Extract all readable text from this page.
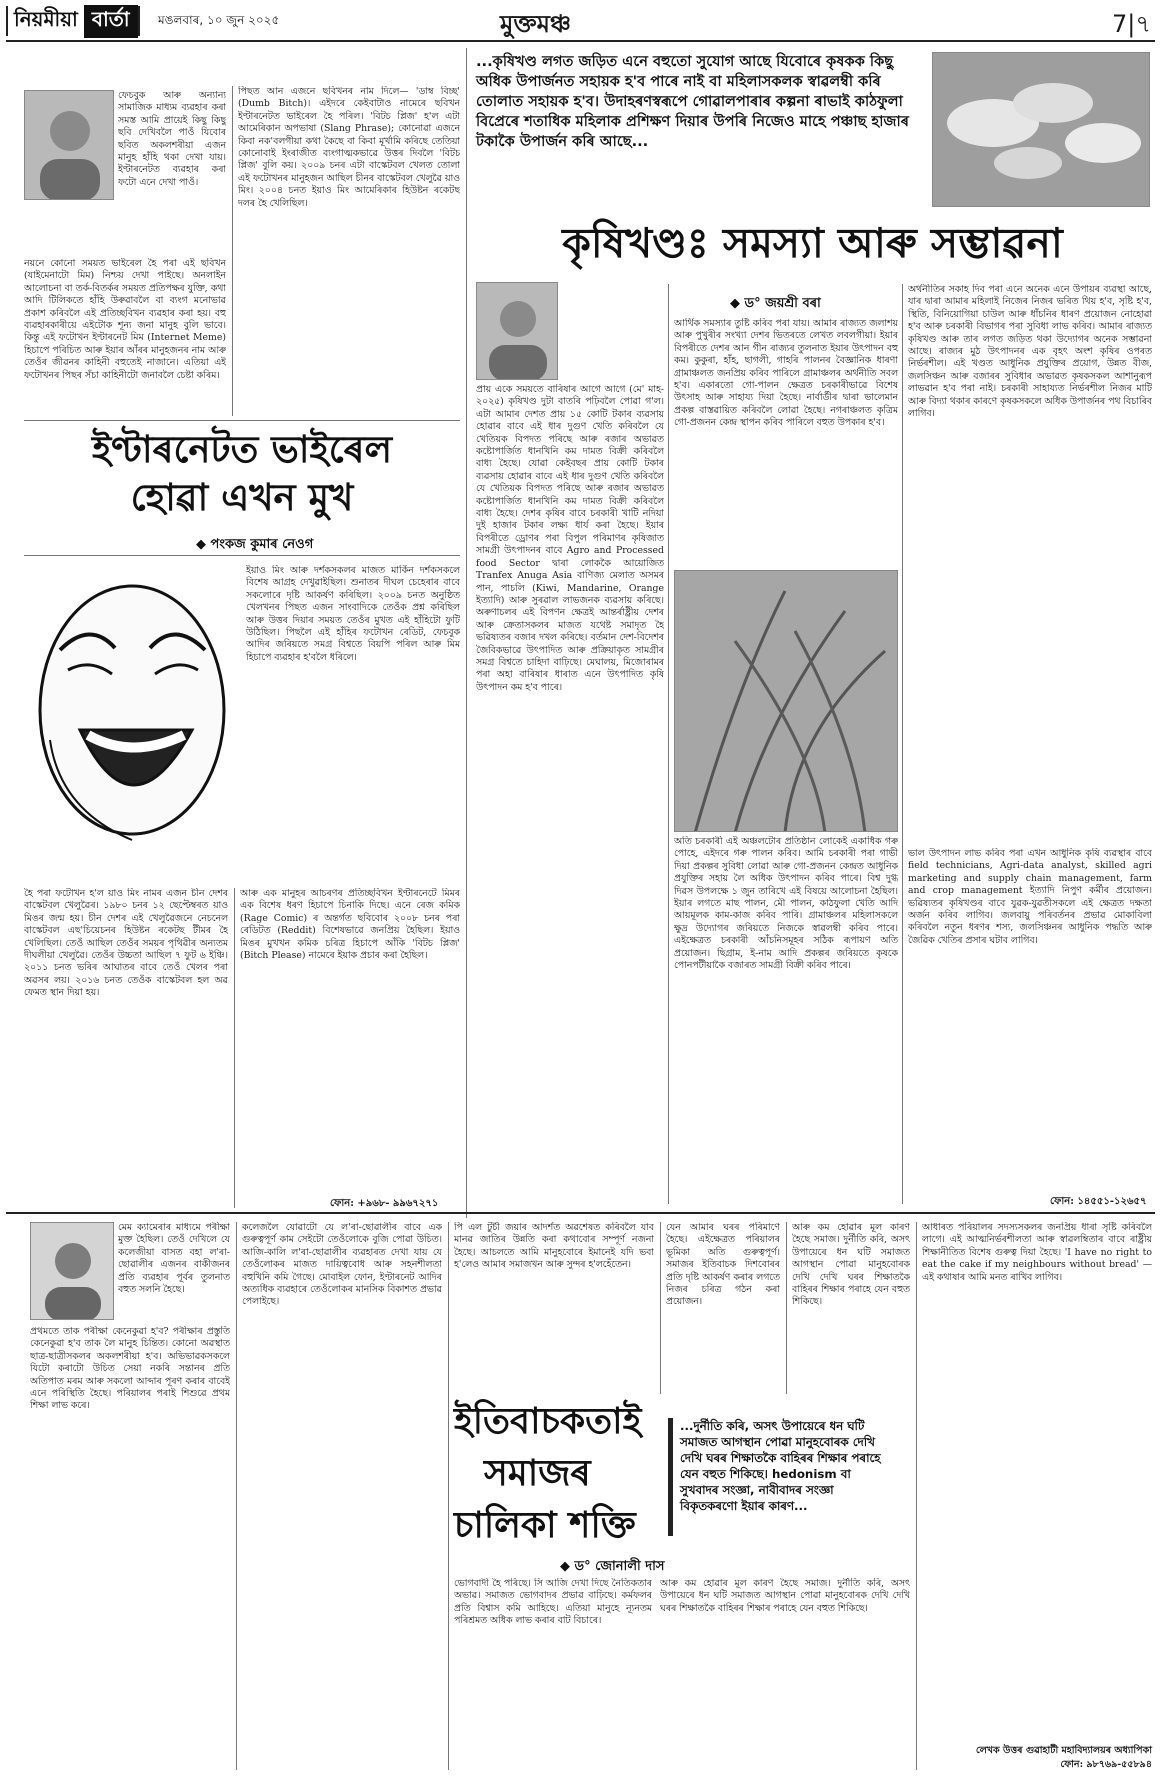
নিয়মীয়া বাৰ্তা	মঙলবাৰ, ১০ জুন ২০২৫	মুক্তমঞ্চ	7|৭
ফেচবুক আৰু অন্যান্য সামাজিক মাধ্যম ব্যৱহাৰ কৰা সমস্ত আমি প্ৰায়েই কিছু কিছু ছবি দেখিবলৈ পাওঁ যিবোৰ ছবিত অকলশৰীয়া এজন মানুহ হাঁহি থকা দেখা যায়। ইণ্টাৰনেটত ব্যৱহাৰ কৰা ফটো এনে দেখা পাওঁ।
নয়নে কোনো সময়ত ভাইৰেল হৈ পৰা এই ছবিখন (যাইমেনাটো মিম) নিশ্চয় দেখা পাইছে। অনলাইন আলোচনা বা তৰ্ক-বিতৰ্কৰ সময়ত প্ৰতিপক্ষৰ যুক্তি, কথা আদি টিলিকতে হাঁহি উৰুৱাবলৈ বা ব্যংগ মনোভাৱ প্ৰকাশ কৰিবলৈ এই প্ৰতিচ্ছবিখন ব্যৱহাৰ কৰা হয়। বহু ব্যৱহাৰকাৰীয়ে এইটোক শূন্য জনা মানুহ বুলি ভাবে। কিন্তু এই ফটোখন ইণ্টাৰনেট মিম (Internet Meme) হিচাপে পৰিচিত আৰু ইয়াৰ আঁৰৰ মানুহজনৰ নাম আৰু তেওঁৰ জীৱনৰ কাহিনী বহুতেই নাজানে। এতিয়া এই ফটোখনৰ পিছৰ সঁচা কাহিনীটো জনাবলৈ চেষ্টা কৰিম।
পিছত আন এজনে ছবিখনৰ নাম দিলে— 'ডাম্ব বিচ্ছ' (Dumb Bitch)। এইদৰে কেইবাটাও নামেৰে ছবিখন ইণ্টাৰনেটত ভাইৰেল হৈ পৰিল। 'বিটচ প্লিজ' হ'ল এটা আমেৰিকান অপভাষা (Slang Phrase); কোনোৱা এজনে কিবা নক'বলগীয়া কথা কৈছে বা কিবা মূৰ্খামি কৰিছে তেতিয়া কোনোবাই ইংৰাজীত ব্যংগাত্মকভাৱে উত্তৰ দিবলৈ 'বিটচ প্লিজ' বুলি কয়। ২০০৯ চনৰ এটা বাস্কেটবল খেলত তোলা এই ফটোখনৰ মানুহজন আছিল চীনৰ বাস্কেটবল খেলুৱৈ য়াও মিং। ২০০৪ চনত ইয়াও মিং আমেৰিকাৰ হিউষ্টন ৰকেটছ দলৰ হৈ খেলিছিল।
ইণ্টাৰনেটত ভাইৰেল
হোৱা এখন মুখ
◆ পংকজ কুমাৰ নেওগ
ইয়াও মিং আৰু দৰ্শকসকলৰ মাজত মাৰ্কিন দৰ্শকসকলে বিশেষ আগ্ৰহ দেখুৱাইছিল। শুনাতৰ দীঘল চেহেৰাৰ বাবে সকলোৰে দৃষ্টি আকৰ্ষণ কৰিছিল। ২০০৯ চনত অনুষ্ঠিত খেলখনৰ পিছত এজন সাংবাদিকে তেওঁক প্ৰশ্ন কৰিছিল আৰু উত্তৰ দিয়াৰ সময়ত তেওঁৰ মুখত এই হাঁহিটো ফুটি উঠিছিল। পিছলৈ এই হাঁহিৰ ফটোখন ৰেডিট, ফেচবুক আদিৰ জৰিয়তে সমগ্ৰ বিশ্বতে বিয়পি পৰিল আৰু মিম হিচাপে ব্যৱহাৰ হ'বলৈ ধৰিলে।
হৈ পৰা ফটোখন হ'ল য়াও মিং নামৰ এজন চীন দেশৰ বাস্কেটবল খেলুৱৈৰ। ১৯৮০ চনৰ ১২ ছেপ্টেম্বৰত য়াও মিঙৰ জন্ম হয়। চীন দেশৰ এই খেলুৱৈজনে নেচনেল বাস্কেটবল এছ'চিয়েচনৰ হিউষ্টন ৰকেটছ টীমৰ হৈ খেলিছিল। তেওঁ আছিল তেওঁৰ সময়ৰ পৃথিৱীৰ অন্যতম দীঘলীয়া খেলুৱৈ। তেওঁৰ উচ্চতা আছিল ৭ ফুট ৬ ইঞ্চি। ২০১১ চনত ভৰিৰ আঘাতৰ বাবে তেওঁ খেলৰ পৰা অৱসৰ লয়। ২০১৬ চনত তেওঁক বাস্কেটবল হল অৱ ফেমত স্থান দিয়া হয়।
আৰু এক মানুহৰ আচৰণৰ প্ৰতিচ্ছবিখন ইণ্টাৰনেটে মিমৰ এক বিশেষ ধৰণ হিচাপে চিনাকি দিছে। এনে ৰেজ কমিক (Rage Comic) ৰ অন্তৰ্গত ছবিবোৰ ২০০৮ চনৰ পৰা ৰেডিটত (Reddit) বিশেষভাৱে জনপ্ৰিয় হৈছিল। ইয়াও মিঙৰ মুখখন কমিক চৰিত্ৰ হিচাপে আঁকি 'বিটচ প্লিজ' (Bitch Please) নামেৰে ইয়াক প্ৰচাৰ কৰা হৈছিল।
ফোন: +৯৬৮- ৯৯৬৭২৭১
...কৃষিখণ্ড লগত জড়িত এনে বহুতো সুযোগ আছে যিবোৰে কৃষকক কিছু অধিক উপাৰ্জনত সহায়ক হ'ব পাৰে নাই বা মহিলাসকলক স্বাৱলম্বী কৰি তোলাত সহায়ক হ'ব। উদাহৰণস্বৰূপে গোৱালপাৰাৰ কল্পনা ৰাভাই কাঠফুলা বিপ্ৰেৰে শতাধিক মহিলাক প্ৰশিক্ষণ দিয়াৰ উপৰি নিজেও মাহে পঞ্চাছ হাজাৰ টকাকৈ উপাৰ্জন কৰি আছে...
কৃষিখণ্ডঃ সমস্যা আৰু সম্ভাৱনা
প্ৰায় একে সময়তে বাৰিষাৰ আগে আগে (মে' মাহ- ২০২৫) কৃষিখণ্ড দুটা বাতৰি পঢ়িবলৈ পোৱা গ'ল। এটা আমাৰ দেশত প্ৰায় ১৫ কোটি টকাৰ ব্যৱসায় হোৱাৰ বাবে এই ধাৰ দুগুণ খেতি কৰিবলৈ যে খেতিয়ক বিপদত পৰিছে আৰু ৰজাৰ অভাৱত কষ্টোপাৰ্জিত ধানখিনি কম দামত বিক্ৰী কৰিবলৈ বাধ্য হৈছে। যোৱা কেইবছৰ প্ৰায় কোটি টকাৰ ব্যৱসায় হোৱাৰ বাবে এই ধাৰ দুগুণ খেতি কৰিবলৈ যে খেতিয়ক বিপদত পৰিছে আৰু ৰজাৰ অভাৱত কষ্টোপাৰ্জিত ধানখিনি কম দামত বিক্ৰী কৰিবলৈ বাধ্য হৈছে। দেশৰ কৃষিৰ বাবে চৰকাৰী খাটি নদিয়া দুই হাজাৰ টকাৰ লক্ষ্য ধাৰ্য কৰা হৈছে। ইয়াৰ বিপৰীতে ড্ৰোণৰ পৰা বিপুল পৰিমাণৰ কৃষিজাত সামগ্ৰী উৎপাদনৰ বাবে Agro and Processed food Sector দ্বাৰা লোককৈ আয়োজিত Tranfex Anuga Asia বাণিজ্য মেলাত অসমৰ পান, পাচলি (Kiwi, Mandarine, Orange ইত্যাদি) আৰু সুৰৱাল লাভজনক ব্যৱসায় কৰিছে। অৰুণাচলৰ এই বিপণন ক্ষেত্ৰই আন্তৰ্ৰাষ্ট্ৰীয় দেশৰ আৰু ক্ৰেতাসকলৰ মাজত যথেষ্ট সমাদৃত হৈ ভৱিষ্যতৰ বজাৰ দখল কৰিছে। বৰ্তমান দেশ-বিদেশৰ জৈবিকভাৱে উৎপাদিত আৰু প্ৰক্ৰিয়াকৃত সামগ্ৰীৰ সমগ্ৰ বিশ্বতে চাহিদা বাঢ়িছে। মেঘালয়, মিজোৰামৰ পৰা অহা বাৰিষাৰ ধাৰাত এনে উৎপাদিত কৃষি উৎপাদন কম হ'ব পাৰে।
◆ ড° জয়শ্ৰী বৰা
আৰ্থিক সমস্যাৰ তুষ্টি কৰিব পৰা যায়। আমাৰ ৰাজ্যত জলাশয় আৰু পুখুৰীৰ সংখ্যা দেশৰ ভিতৰতে লেখত লবলগীয়া। ইয়াৰ বিপৰীতে দেশৰ আন গীন ৰাজ্যৰ তুলনাত ইয়াৰ উৎপাদন বহু কম। কুকুৰা, হাঁহ, ছাগলী, গাহৰি পালনৰ বৈজ্ঞানিক ধাৰণা গ্ৰামাঞ্চলত জনপ্ৰিয় কৰিব পাৰিলে গ্ৰামাঞ্চলৰ অৰ্থনীতি সবল হ'ব। একাৰতো গো-পালন ক্ষেত্ৰত চৰকাৰীভাৱে বিশেষ উৎসাহ আৰু সাহায্য দিয়া হৈছে। নাৰ্বাৰ্ডীৰ দ্বাৰা ভালেমান প্ৰকল্প বাস্তৱায়িত কৰিবলৈ লোৱা হৈছে। নগৰাঞ্চলত কৃত্ৰিম গো-প্ৰজনন কেন্দ্ৰ স্থাপন কৰিব পাৰিলে বহুত উপকাৰ হ'ব।
অতি চৰকাৰী এই অঞ্চলটোৰ প্ৰতিষ্ঠান লোকেই একাধিক গৰু পোহে, এইদৰে গৰু পালন কৰিব। আমি চৰকাৰী পৰা গাভী দিয়া প্ৰকল্পৰ সুবিধা লোৱা আৰু গো-প্ৰজনন কেন্দ্ৰত আধুনিক প্ৰযুক্তিৰ সহায় লৈ অধিক উৎপাদন কৰিব পাৰে। বিশ্ব দুগ্ধ দিৱস উপলক্ষে ১ জুন তাৰিখে এই বিষয়ে আলোচনা হৈছিল। ইয়াৰ লগতে মাছ পালন, মৌ পালন, কাঠফুলা খেতি আদি আয়মূলক কাম-কাজ কৰিব পাৰি। গ্ৰামাঞ্চলৰ মহিলাসকলে ক্ষুদ্ৰ উদ্যোগৰ জৰিয়তে নিজকে স্বাৱলম্বী কৰিব পাৰে। এইক্ষেত্ৰত চৰকাৰী আঁচনিসমূহৰ সঠিক ৰূপায়ণ অতি প্ৰয়োজন। ছিগ্ৰাম, ই-নাম আদি প্ৰকল্পৰ জৰিয়তে কৃষকে পোনপটীয়াকৈ বজাৰত সামগ্ৰী বিক্ৰী কৰিব পাৰে।
অৰ্থনীতিৰ সকাহ দিব পৰা এনে অনেক এনে উপায়ৰ ব্যৱস্থা আছে, যাৰ দ্বাৰা আমাৰ মহিলাই নিজেৰ নিজৰ ভৰিত থিয় হ'ব, সৃষ্টি হ'ব, স্থিতি, বিনিয়োগিয়া চাউল আৰু ধাঁচনিৰ ধাৰণ প্ৰয়োজন নোহোৱা হ'ব আৰু চৰকাৰী বিভাগৰ পৰা সুবিধা লাভ কৰিব। আমাৰ ৰাজ্যত কৃষিখণ্ড আৰু তাৰ লগত জড়িত থকা উদ্যোগৰ অনেক সম্ভাৱনা আছে। ৰাজ্যৰ মুঠ উৎপাদনৰ এক বৃহৎ অংশ কৃষিৰ ওপৰত নিৰ্ভৰশীল। এই খণ্ডত আধুনিক প্ৰযুক্তিৰ প্ৰয়োগ, উন্নত বীজ, জলসিঞ্চন আৰু বজাৰৰ সুবিধাৰ অভাৱত কৃষকসকল আশানুৰূপ লাভৱান হ'ব পৰা নাই। চৰকাৰী সাহায্যত নিৰ্ভৰশীল নিজৰ মাটি আৰু বিদ্যা থকাৰ কাৰণে কৃষকসকলে অধিক উপাৰ্জনৰ পথ বিচাৰিব লাগিব।
ভাল উৎপাদন লাভ কৰিব পৰা এখন আধুনিক কৃষি ব্যৱস্থাৰ বাবে field technicians, Agri-data analyst, skilled agri marketing and supply chain management, farm and crop management ইত্যাদি নিপুণ কৰ্মীৰ প্ৰয়োজন। ভৱিষ্যতৰ কৃষিখণ্ডৰ বাবে যুৱক-যুৱতীসকলে এই ক্ষেত্ৰত দক্ষতা অৰ্জন কৰিব লাগিব। জলবায়ু পৰিবৰ্তনৰ প্ৰভাৱ মোকাবিলা কৰিবলৈ নতুন ধৰণৰ শস্য, জলসিঞ্চনৰ আধুনিক পদ্ধতি আৰু জৈৱিক খেতিৰ প্ৰসাৰ ঘটাব লাগিব।
ফোন: ১৪৫৫১-১২৬৫৭
মেম ক্যামেৰাৰ মাধ্যমে পৰীক্ষা মুক্ত হৈছিল। তেওঁ দেখিলে যে কলেজীয়া বাসত বহা ল'ৰা-ছোৱালীৰ এজনৰ বাকীজনৰ প্ৰতি ব্যৱহাৰ পূৰ্বৰ তুলনাত বহুত সলনি হৈছে।
প্ৰথমতে তাক পৰীক্ষা কেনেকুৱা হ'ব? পৰীক্ষাৰ প্ৰস্তুতি কেনেকুৱা হ'ব তাক লৈ মানুহ চিন্তিত। কোনো অৱস্থাত ছাত্ৰ-ছাত্ৰীসকলৰ অকলশৰীয়া হ'ব। অভিভাৱকসকলে যিটো কৰাটো উচিত সেয়া নকৰি সন্তানৰ প্ৰতি অতিপাত মৰম আৰু সকলো আব্দাৰ পূৰণ কৰাৰ বাবেই এনে পৰিস্থিতি হৈছে। পৰিয়ালৰ পৰাই শিশুৱে প্ৰথম শিক্ষা লাভ কৰে।
কলেজলৈ যোৱাটো যে ল'ৰা-ছোৱালীৰ বাবে এক গুৰুত্বপূৰ্ণ কাম সেইটো তেওঁলোকে বুজি পোৱা উচিত। আজি-কালি ল'ৰা-ছোৱালীৰ ব্যৱহাৰত দেখা যায় যে তেওঁলোকৰ মাজত দায়িত্ববোধ আৰু সহনশীলতা বহুখিনি কমি গৈছে। মোবাইল ফোন, ইণ্টাৰনেট আদিৰ অত্যধিক ব্যৱহাৰে তেওঁলোকৰ মানসিক বিকাশত প্ৰভাৱ পেলাইছে।
পি এল টুৰ্চী জয়াৰ আদৰ্শত অৱশেষত কৰিবলৈ যাব মানৱ জাতিৰ উন্নতি কৰা কথাবোৰ সম্পূৰ্ণ নজনা হৈছে। আচলতে আমি মানুহবোৰে ইমানেই যদি ভবা হ'লেও আমাৰ সমাজখন আৰু সুন্দৰ হ'লহেঁতেন।
ইতিবাচকতাই
সমাজৰ
চালিকা শক্তি
...দুৰ্নীতি কৰি, অসৎ উপায়েৰে ধন ঘটি সমাজত আগস্থান পোৱা মানুহবোৰক দেখি দেখি ঘৰৰ শিক্ষাতকৈ বাহিৰৰ শিক্ষাৰ পৰাহে যেন বহুত শিকিছে। hedonism বা সুখবাদৰ সংজ্ঞা, নাবীবাদৰ সংজ্ঞা বিকৃতকৰণো ইয়াৰ কাৰণ...
◆ ড° জোনালী দাস
যেন আমাৰ ঘৰৰ পৰিমাণে হৈছে। এইক্ষেত্ৰত পৰিয়ালৰ ভূমিকা অতি গুৰুত্বপূৰ্ণ। সমাজৰ ইতিবাচক দিশবোৰৰ প্ৰতি দৃষ্টি আকৰ্ষণ কৰাৰ লগতে নিজৰ চৰিত্ৰ গঠন কৰা প্ৰয়োজন।
আৰু কম হোৱাৰ মূল কাৰণ হৈছে সমাজ। দুৰ্নীতি কৰি, অসৎ উপায়েৰে ধন ঘটি সমাজত আগস্থান পোৱা মানুহবোৰক দেখি দেখি ঘৰৰ শিক্ষাতকৈ বাহিৰৰ শিক্ষাৰ পৰাহে যেন বহুত শিকিছে।
ভোগবাদী হৈ পৰিছে। সি আজি দেখা দিছে নৈতিকতাৰ অভাৱ। সমাজত ভোগবাদৰ প্ৰভাৱ বাঢ়িছে। কৰ্মফলৰ প্ৰতি বিশ্বাস কমি আহিছে। এতিয়া মানুহে ন্যূনতম পৰিশ্ৰমত অধিক লাভ কৰাৰ বাট বিচাৰে।
আৰু কম হোৱাৰ মূল কাৰণ হৈছে সমাজ। দুৰ্নীতি কৰি, অসৎ উপায়েৰে ধন ঘটি সমাজত আগস্থান পোৱা মানুহবোৰক দেখি দেখি ঘৰৰ শিক্ষাতকৈ বাহিৰৰ শিক্ষাৰ পৰাহে যেন বহুত শিকিছে।
আধাৰত পৰিয়ালৰ সদস্যসকলৰ জনপ্ৰিয় ধাৰা সৃষ্টি কৰিবলৈ লাগে। এই আত্মনিৰ্ভৰশীলতা আৰু স্বাৱলম্বিতাৰ বাবে ৰাষ্ট্ৰীয় শিক্ষানীতিত বিশেষ গুৰুত্ব দিয়া হৈছে। 'I have no right to eat the cake if my neighbours without bread' — এই কথাষাৰ আমি মনত ৰাখিব লাগিব।
লেখক উত্তৰ গুৱাহাটী মহাবিদ্যালয়ৰ অধ্যাপিকা
ফোন: ৯৮৭৬৯-৫৫৮৯৪
